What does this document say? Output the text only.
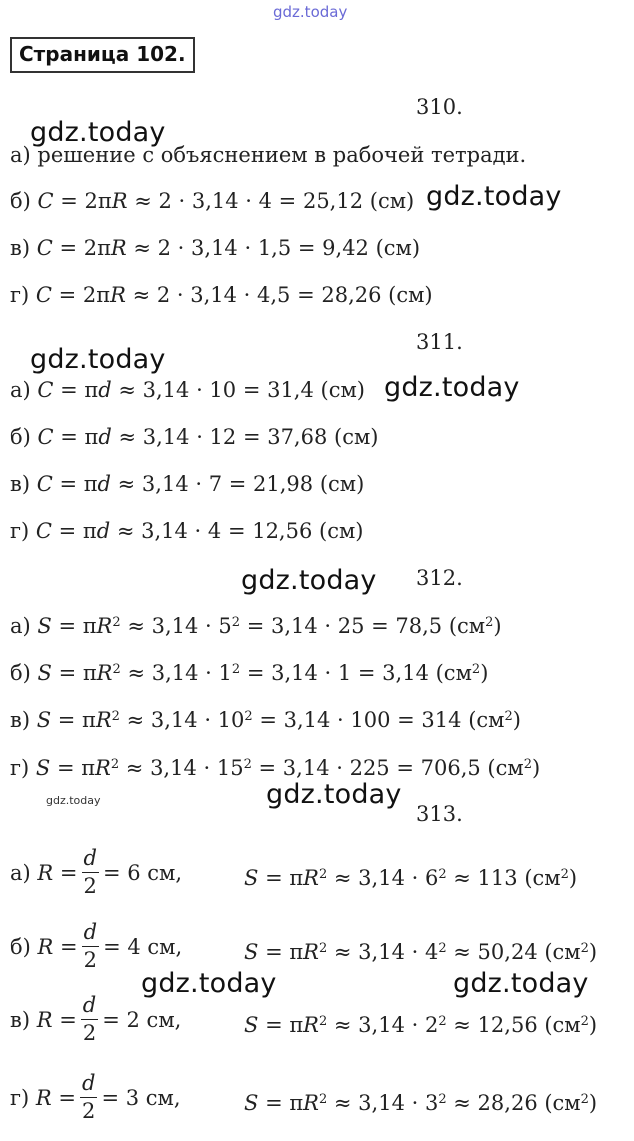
gdz.today
Страница 102.
310.
gdz.today
а) решение с объяснением в рабочей тетради.
б) C = 2πR ≈ 2 · 3,14 · 4 = 25,12 (см) gdz.today
в) C = 2πR ≈ 2 · 3,14 · 1,5 = 9,42 (см)
г) C = 2πR ≈ 2 · 3,14 · 4,5 = 28,26 (см)
311.
gdz.today
а) C = πd ≈ 3,14 · 10 = 31,4 (см) gdz.today
б) C = πd ≈ 3,14 · 12 = 37,68 (см)
в) C = πd ≈ 3,14 · 7 = 21,98 (см)
г) C = πd ≈ 3,14 · 4 = 12,56 (см)
gdz.today 312.
а) $S = \pi R^2 \approx 3,14 \cdot 5^2 = 3,14 \cdot 25 = 78,5$ $(см^2)$
б) $S = \pi R^2 \approx 3,14 \cdot 1^2 = 3,14 \cdot 1 = 3,14$ $(см^2)$
в) $S = \pi R^2 \approx 3,14 \cdot 10^2 = 3,14 \cdot 100 = 314$ $(см^2)$
г) $S = \pi R^2 \approx 3,14 \cdot 15^2 = 3,14 \cdot 225 = 706,5$ $(см^2)$
gdz.today	gdz.today
313.
а)
$R = \frac{d}{2} = 6$ см,	$S = \pi R^2 \approx 3,14 \cdot 6^2 \approx 113$ $(см^2)$
б)
$R = \frac{d}{2} = 4$ см,	$S = \pi R^2 \approx 3,14 \cdot 4^2 \approx 50,24$ $(см^2)$
gdz.today	gdz.today
в)
$R = \frac{d}{2} = 2$ см,	$S = \pi R^2 \approx 3,14 \cdot 2^2 \approx 12,56$ $(см^2)$
г)
$R = \frac{d}{2} = 3$ см,	$S = \pi R^2 \approx 3,14 \cdot 3^2 \approx 28,26$ $(см^2)$
